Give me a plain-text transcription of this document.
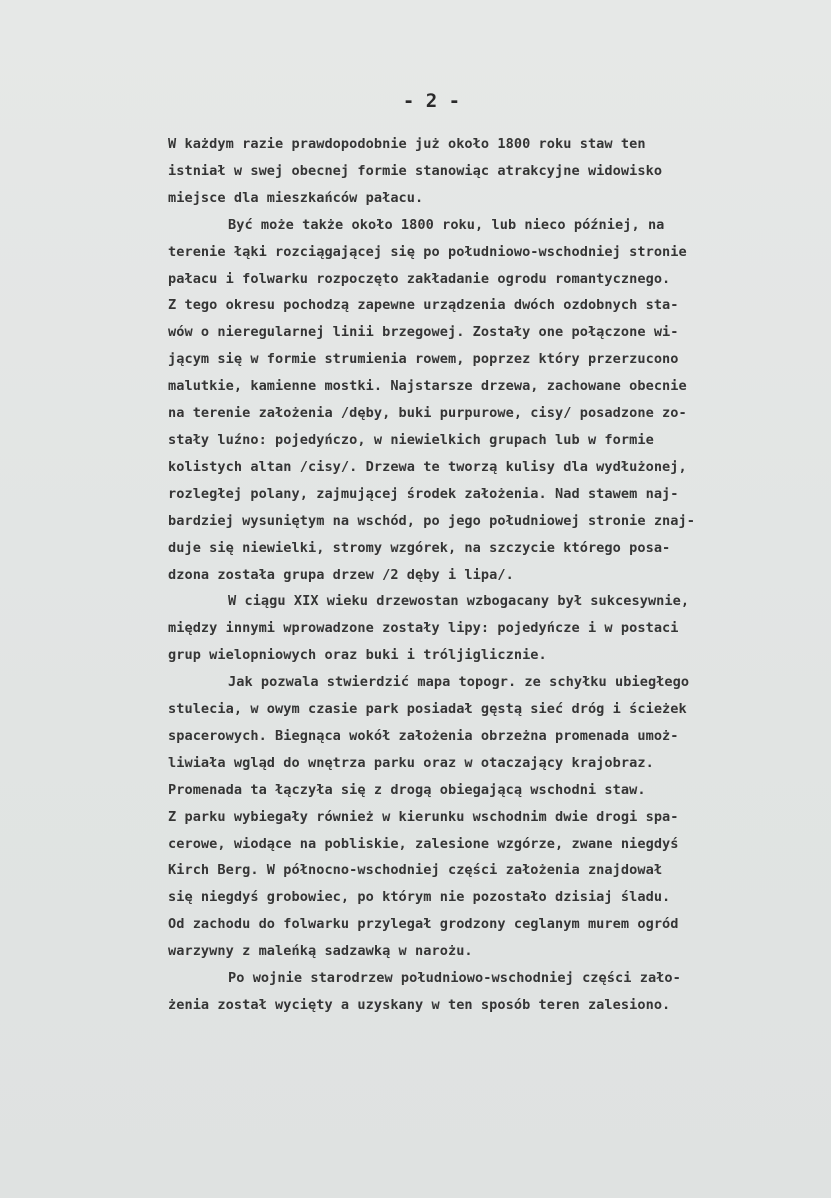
- 2 -
W każdym razie prawdopodobnie już około 1800 roku staw ten
istniał w swej obecnej formie stanowiąc atrakcyjne widowisko
miejsce dla mieszkańców pałacu.
Być może także około 1800 roku, lub nieco później, na
terenie łąki rozciągającej się po południowo-wschodniej stronie
pałacu i folwarku rozpoczęto zakładanie ogrodu romantycznego.
Z tego okresu pochodzą zapewne urządzenia dwóch ozdobnych sta-
wów o nieregularnej linii brzegowej. Zostały one połączone wi-
jącym się w formie strumienia rowem, poprzez który przerzucono
malutkie, kamienne mostki. Najstarsze drzewa, zachowane obecnie
na terenie założenia /dęby, buki purpurowe, cisy/ posadzone zo-
stały luźno: pojedyńczo, w niewielkich grupach lub w formie
kolistych altan /cisy/. Drzewa te tworzą kulisy dla wydłużonej,
rozległej polany, zajmującej środek założenia. Nad stawem naj-
bardziej wysuniętym na wschód, po jego południowej stronie znaj-
duje się niewielki, stromy wzgórek, na szczycie którego posa-
dzona została grupa drzew /2 dęby i lipa/.
W ciągu XIX wieku drzewostan wzbogacany był sukcesywnie,
między innymi wprowadzone zostały lipy: pojedyńcze i w postaci
grup wielopniowych oraz buki i tróljiglicznie.
Jak pozwala stwierdzić mapa topogr. ze schyłku ubiegłego
stulecia, w owym czasie park posiadał gęstą sieć dróg i ścieżek
spacerowych. Biegnąca wokół założenia obrzeżna promenada umoż-
liwiała wgląd do wnętrza parku oraz w otaczający krajobraz.
Promenada ta łączyła się z drogą obiegającą wschodni staw.
Z parku wybiegały również w kierunku wschodnim dwie drogi spa-
cerowe, wiodące na pobliskie, zalesione wzgórze, zwane niegdyś
Kirch Berg. W północno-wschodniej części założenia znajdował
się niegdyś grobowiec, po którym nie pozostało dzisiaj śladu.
Od zachodu do folwarku przylegał grodzony ceglanym murem ogród
warzywny z maleńką sadzawką w narożu.
Po wojnie starodrzew południowo-wschodniej części zało-
żenia został wycięty a uzyskany w ten sposób teren zalesiono.
